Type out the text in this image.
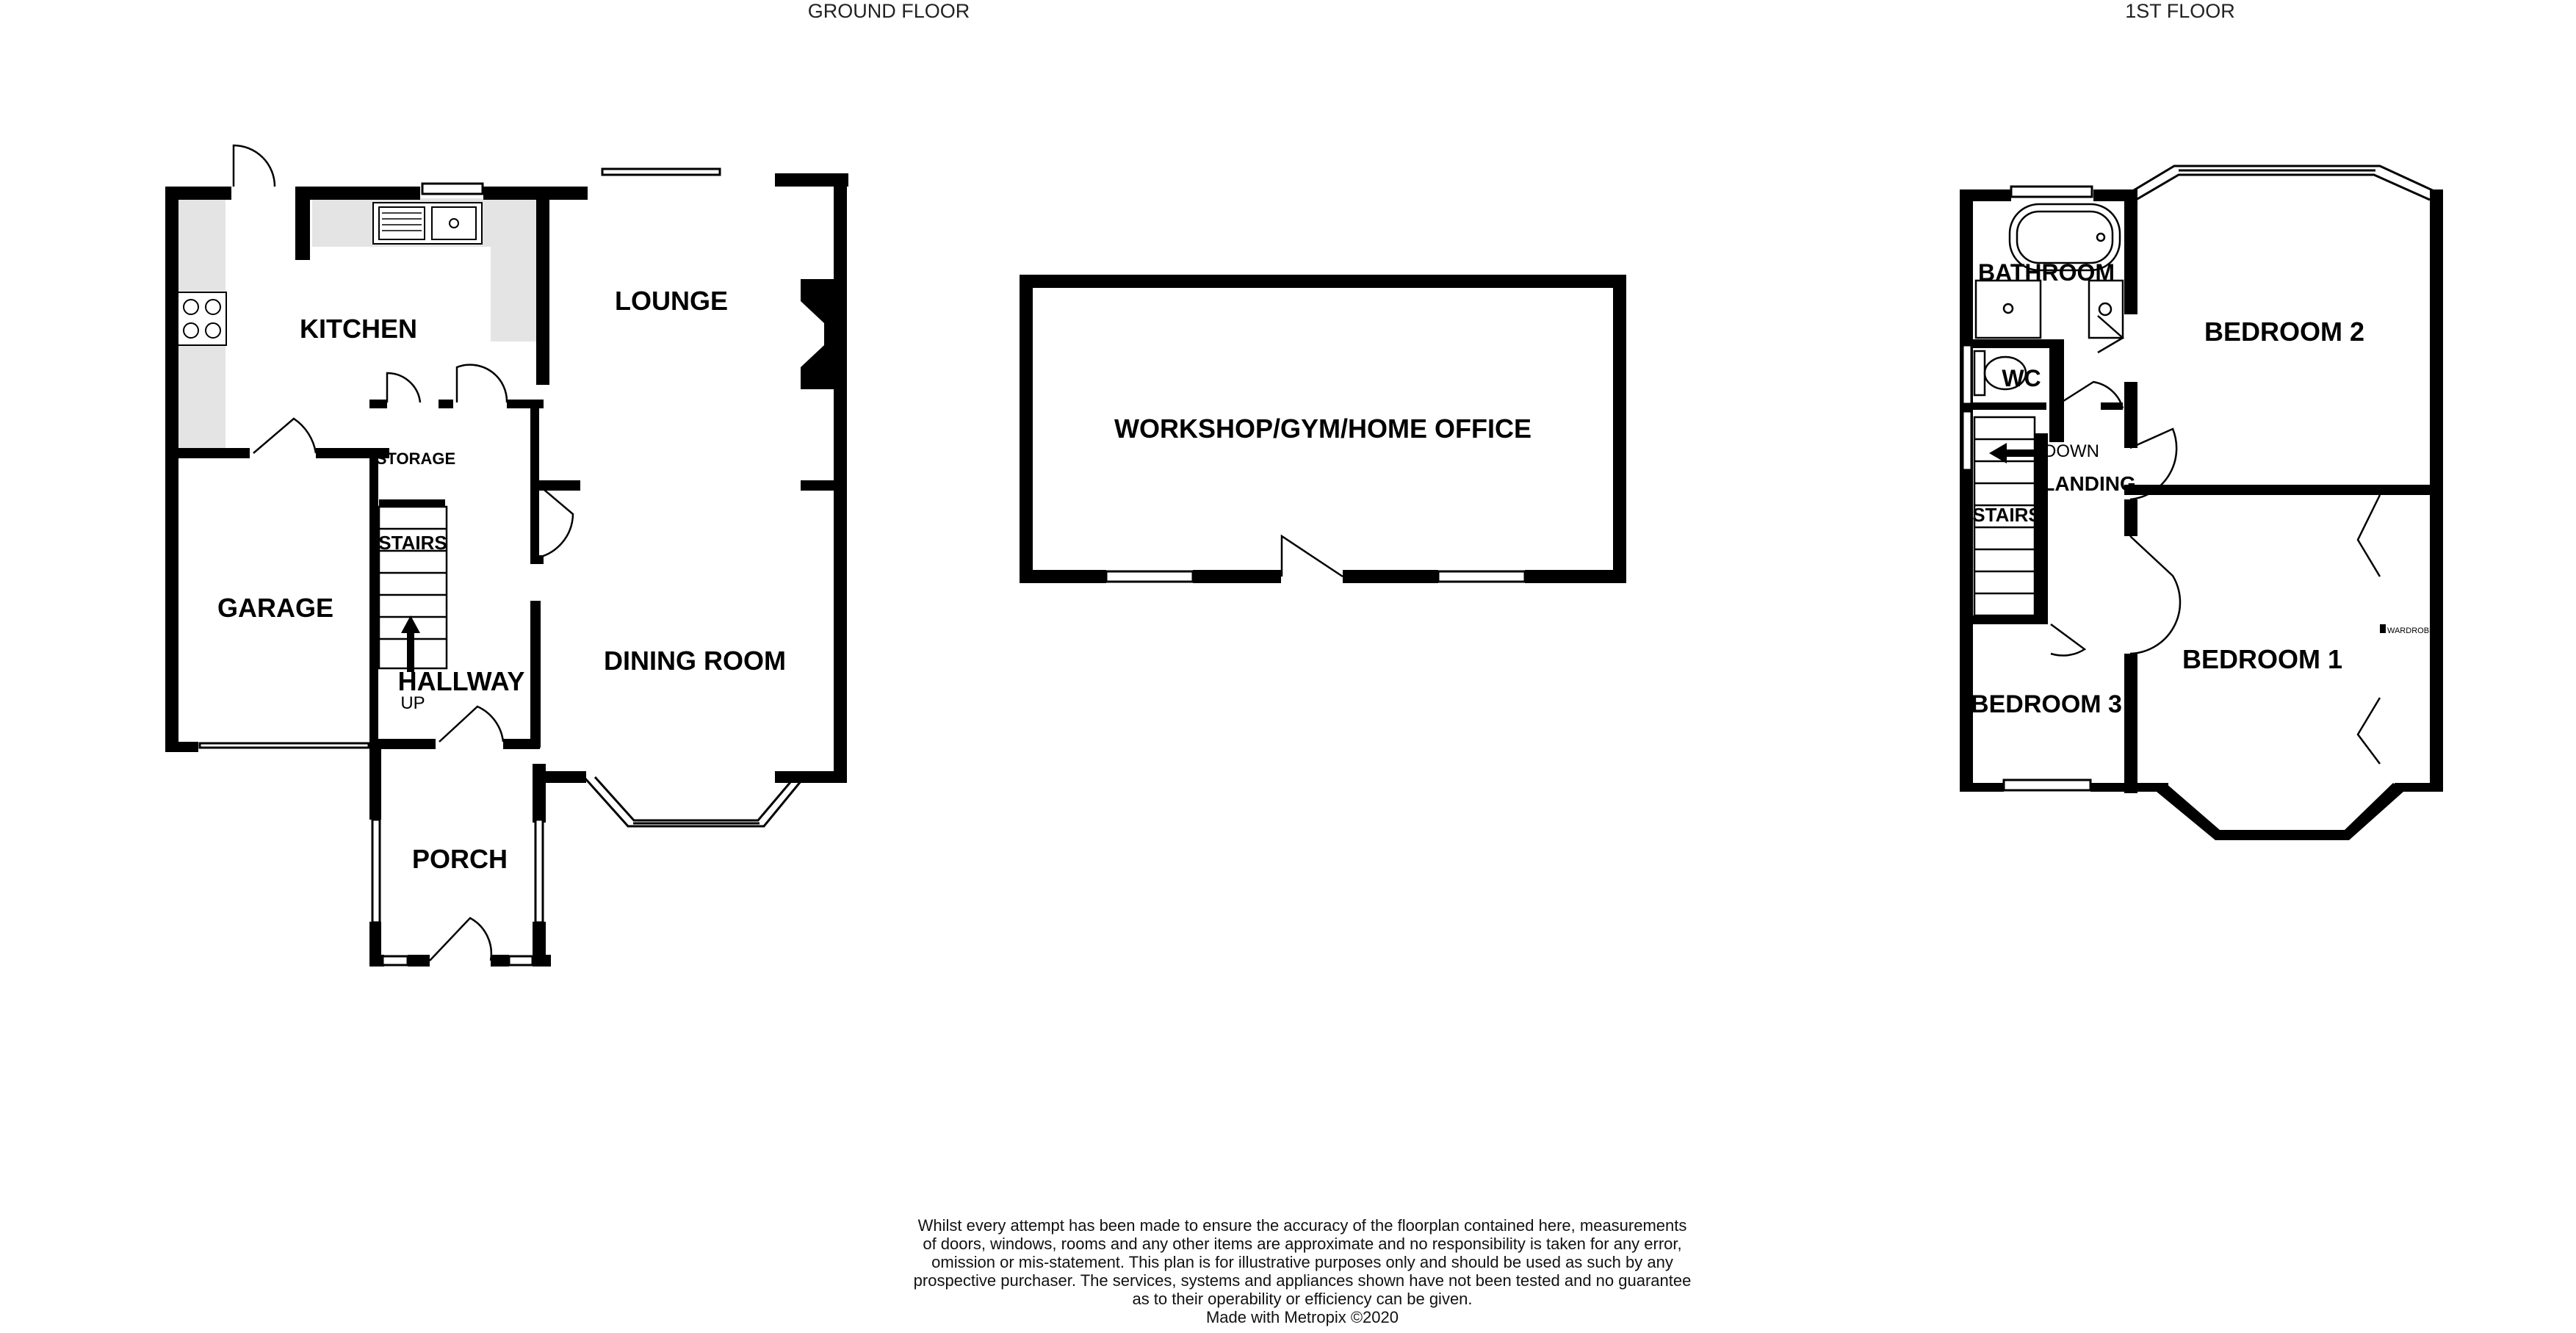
GROUND FLOOR	1ST FLOOR
KITCHEN
LOUNGE
STORAGE
STAIRS
GARAGE
HALLWAY
UP
DINING ROOM
PORCH
WORKSHOP/GYM/HOME OFFICE
BATHROOM
WC
DOWN
LANDING
STAIRS
BEDROOM 2
BEDROOM 1
BEDROOM 3
WARDROBE
Whilst every attempt has been made to ensure the accuracy of the floorplan contained here, measurements
of doors, windows, rooms and any other items are approximate and no responsibility is taken for any error,
omission or mis-statement. This plan is for illustrative purposes only and should be used as such by any
prospective purchaser. The services, systems and appliances shown have not been tested and no guarantee
as to their operability or efficiency can be given.
Made with Metropix ©2020
